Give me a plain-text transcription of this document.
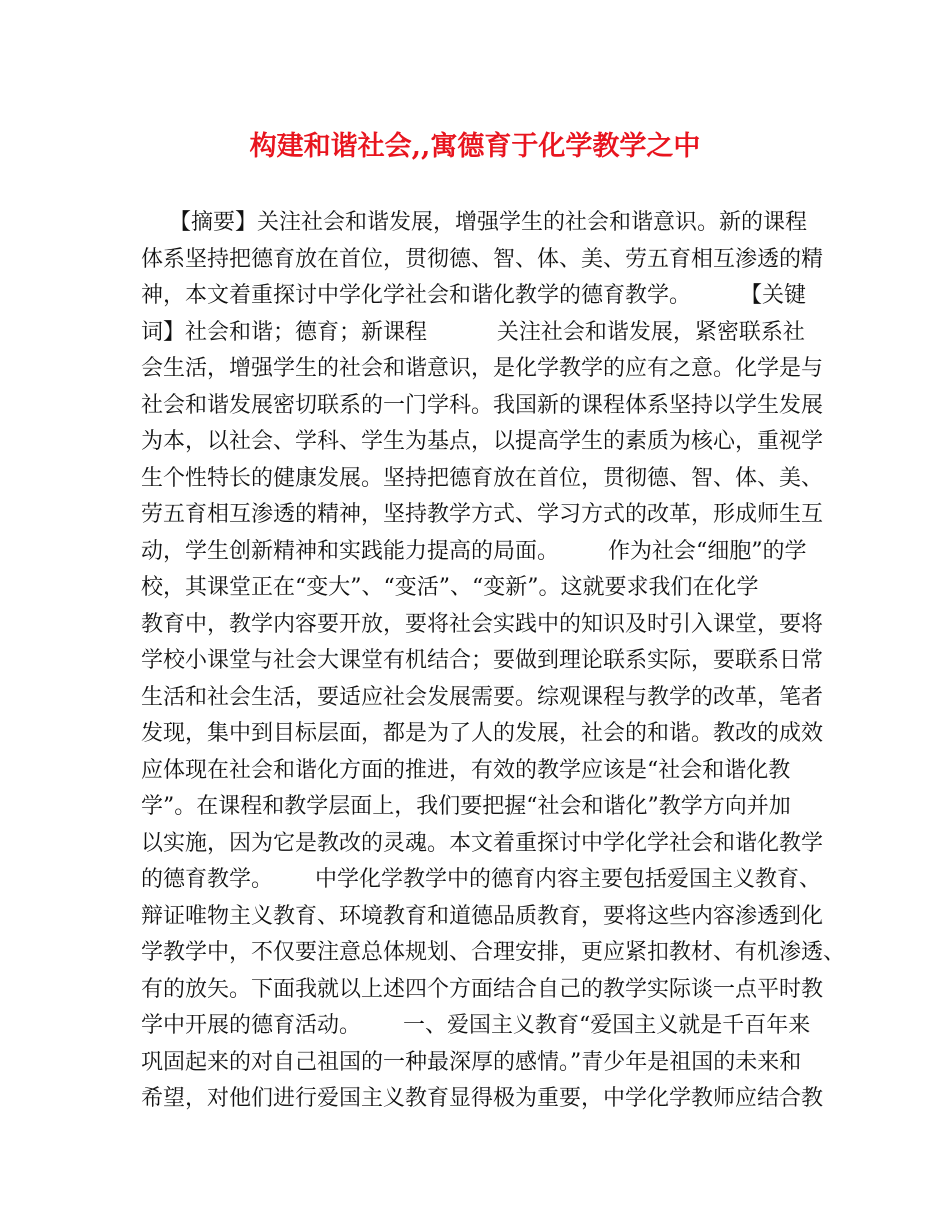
构建和谐社会,,寓德育于化学教学之中
【摘要】关注社会和谐发展，增强学生的社会和谐意识。新的课程
体系坚持把德育放在首位，贯彻德、智、体、美、劳五育相互渗透的精
神，本文着重探讨中学化学社会和谐化教学的德育教学。       【关键
词】社会和谐；德育；新课程          关注社会和谐发展，紧密联系社
会生活，增强学生的社会和谐意识，是化学教学的应有之意。化学是与
社会和谐发展密切联系的一门学科。我国新的课程体系坚持以学生发展
为本，以社会、学科、学生为基点，以提高学生的素质为核心，重视学
生个性特长的健康发展。坚持把德育放在首位，贯彻德、智、体、美、
劳五育相互渗透的精神，坚持教学方式、学习方式的改革，形成师生互
动，学生创新精神和实践能力提高的局面。       作为社会“细胞”的学
校，其课堂正在“变大”、“变活”、“变新”。这就要求我们在化学
教育中，教学内容要开放，要将社会实践中的知识及时引入课堂，要将
学校小课堂与社会大课堂有机结合；要做到理论联系实际，要联系日常
生活和社会生活，要适应社会发展需要。综观课程与教学的改革，笔者
发现，集中到目标层面，都是为了人的发展，社会的和谐。教改的成效
应体现在社会和谐化方面的推进，有效的教学应该是“社会和谐化教
学”。在课程和教学层面上，我们要把握“社会和谐化”教学方向并加
以实施，因为它是教改的灵魂。本文着重探讨中学化学社会和谐化教学
的德育教学。      中学化学教学中的德育内容主要包括爱国主义教育、
辩证唯物主义教育、环境教育和道德品质教育，要将这些内容渗透到化
学教学中，不仅要注意总体规划、合理安排，更应紧扣教材、有机渗透、
有的放矢。下面我就以上述四个方面结合自己的教学实际谈一点平时教
学中开展的德育活动。      一、爱国主义教育“爱国主义就是千百年来
巩固起来的对自己祖国的一种最深厚的感情。”青少年是祖国的未来和
希望，对他们进行爱国主义教育显得极为重要，中学化学教师应结合教
